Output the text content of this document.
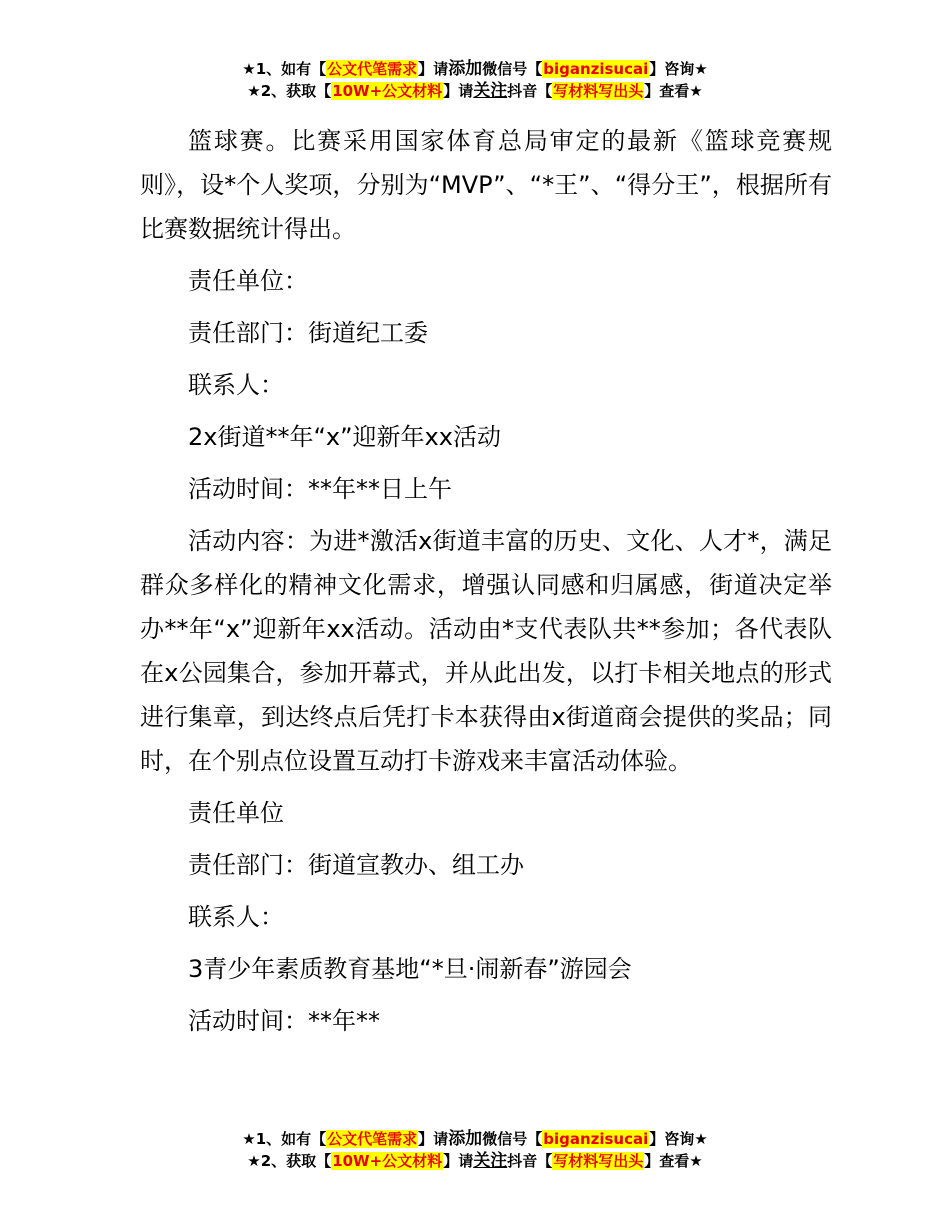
★1、如有【公文代笔需求】请添加微信号【biganzisucai】咨询★
★2、获取【10W+公文材料】请关注抖音【写材料写出头】查看★

篮球赛。比赛采用国家体育总局审定的最新《篮球竞赛规则》，设*个人奖项，分别为“MVP”、“*王”、“得分王”，根据所有比赛数据统计得出。

责任单位：

责任部门：街道纪工委

联系人：

2x街道**年“x”迎新年xx活动

活动时间：**年**日上午

活动内容：为进*激活x街道丰富的历史、文化、人才*，满足群众多样化的精神文化需求，增强认同感和归属感，街道决定举办**年“x”迎新年xx活动。活动由*支代表队共**参加；各代表队在x公园集合，参加开幕式，并从此出发，以打卡相关地点的形式进行集章，到达终点后凭打卡本获得由x街道商会提供的奖品；同时，在个别点位设置互动打卡游戏来丰富活动体验。

责任单位

责任部门：街道宣教办、组工办

联系人：

3青少年素质教育基地“*旦·闹新春”游园会

活动时间：**年**

★1、如有【公文代笔需求】请添加微信号【biganzisucai】咨询★
★2、获取【10W+公文材料】请关注抖音【写材料写出头】查看★
